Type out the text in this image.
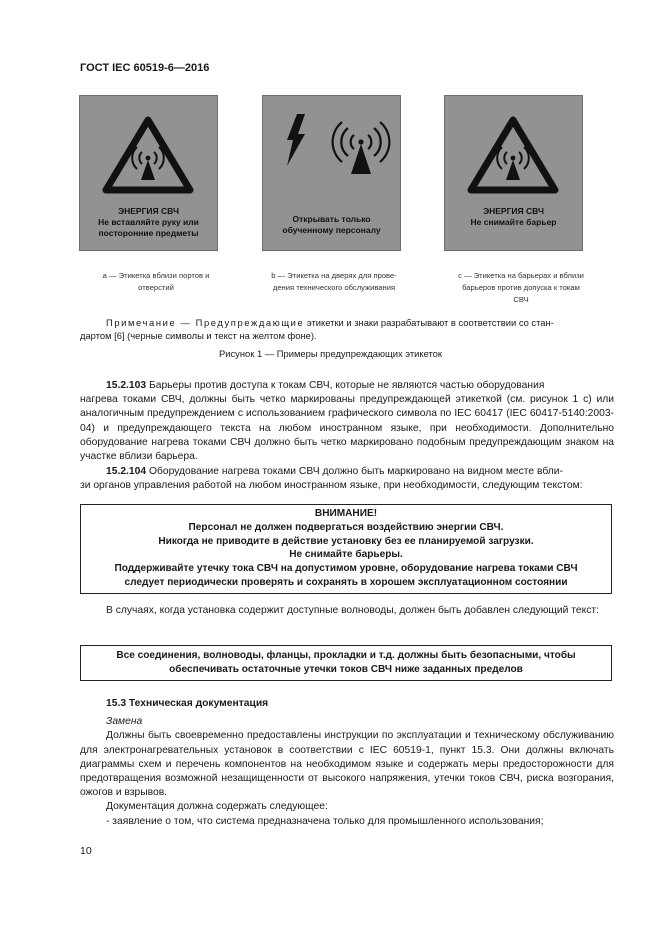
ГОСТ IEC 60519-6—2016
ЭНЕРГИЯ СВЧ
Не вставляйте руку или
посторонние предметы
Открывать только
обученному персоналу
ЭНЕРГИЯ СВЧ
Не снимайте барьер
a — Этикетка вблизи портов и
отверстий
b — Этикетка на дверях для прове-
дения технического обслуживания
c — Этикетка на барьерах и вблизи
барьеров против допуска к токам
СВЧ
Примечание — Предупреждающие этикетки и знаки разрабатывают в соответствии со стан-
дартом [6] (черные символы и текст на желтом фоне).
Рисунок 1 — Примеры предупреждающих этикеток
15.2.103 Барьеры против доступа к токам СВЧ, которые не являются частью оборудования
нагрева токами СВЧ, должны быть четко маркированы предупреждающей этикеткой (см. рисунок 1 c) или аналогичным предупреждением с использованием графического символа по IEC 60417 (IEC 60417-5140:2003-04) и предупреждающего текста на любом иностранном языке, при необходимости. Дополнительно оборудование нагрева токами СВЧ должно быть четко маркировано подобным предупреждающим знаком на участке вблизи барьера.
15.2.104 Оборудование нагрева токами СВЧ должно быть маркировано на видном месте вбли-
зи органов управления работой на любом иностранном языке, при необходимости, следующим текстом:
ВНИМАНИЕ!
Персонал не должен подвергаться воздействию энергии СВЧ.
Никогда не приводите в действие установку без ее планируемой загрузки.
Не снимайте барьеры.
Поддерживайте утечку тока СВЧ на допустимом уровне, оборудование нагрева токами СВЧ
следует периодически проверять и сохранять в хорошем эксплуатационном состоянии
В случаях, когда установка содержит доступные волноводы, должен быть добавлен следующий текст:
Все соединения, волноводы, фланцы, прокладки и т.д. должны быть безопасными, чтобы
обеспечивать остаточные утечки токов СВЧ ниже заданных пределов
15.3 Техническая документация
Замена
Должны быть своевременно предоставлены инструкции по эксплуатации и техническому обслуживанию для электронагревательных установок в соответствии с IEC 60519-1, пункт 15.3. Они должны включать диаграммы схем и перечень компонентов на необходимом языке и содержать меры предосторожности для предотвращения возможной незащищенности от высокого напряжения, утечки токов СВЧ, риска возгорания, ожогов и взрывов.
Документация должна содержать следующее:
- заявление о том, что система предназначена только для промышленного использования;
10
